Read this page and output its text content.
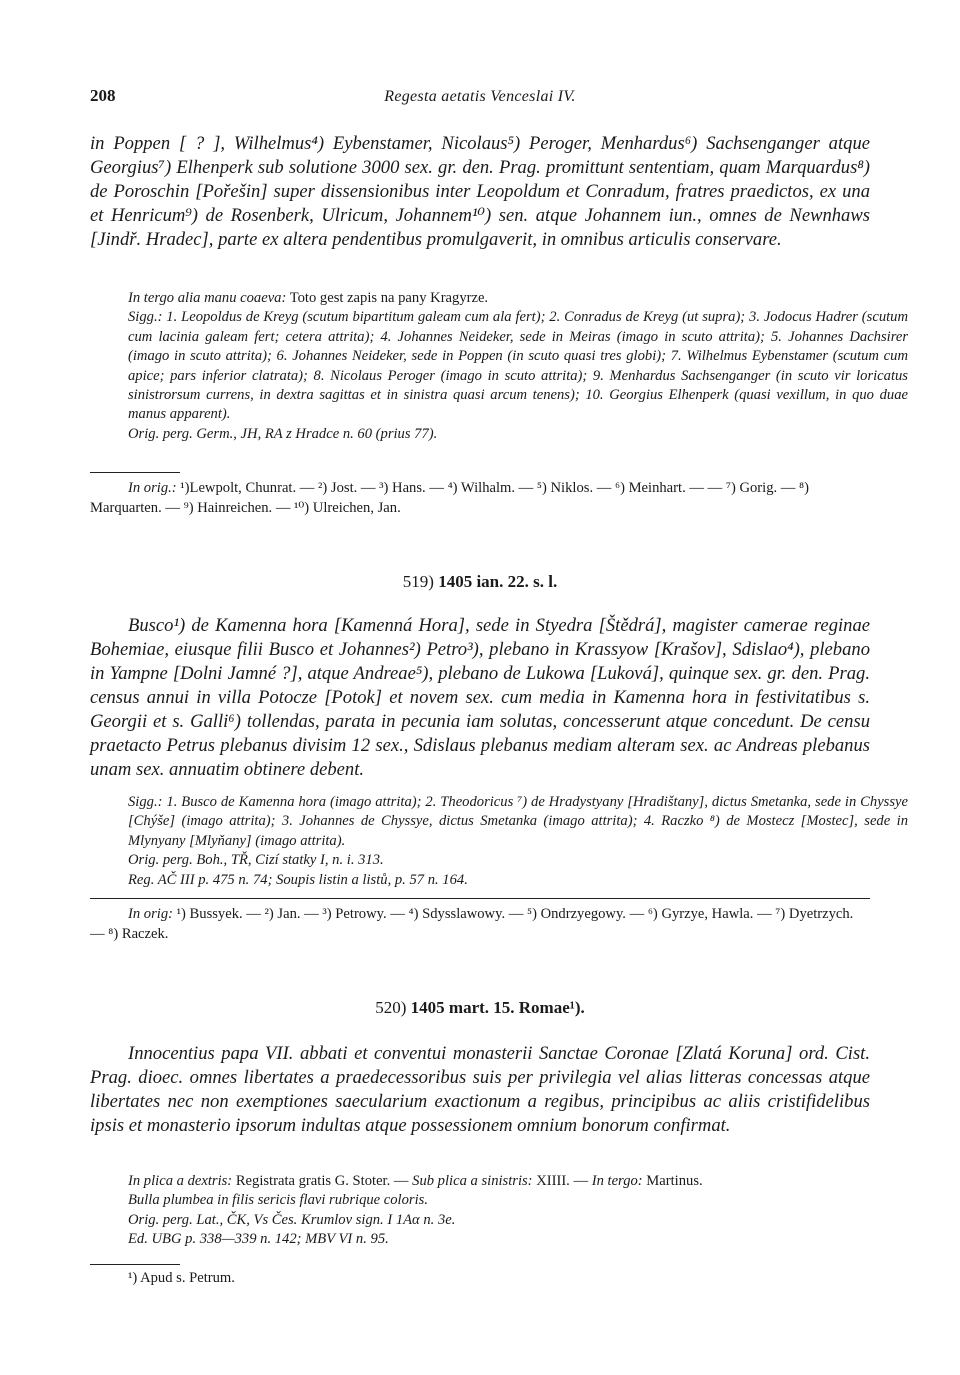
208	Regesta aetatis Venceslai IV.
in Poppen [ ? ], Wilhelmus⁴) Eybenstamer, Nicolaus⁵) Peroger, Menhardus⁶) Sachsenganger atque Georgius⁷) Elhenperk sub solutione 3000 sex. gr. den. Prag. promittunt sententiam, quam Marquardus⁸) de Poroschin [Pořešin] super dissensionibus inter Leopoldum et Conradum, fratres praedictos, ex una et Henricum⁹) de Rosenberk, Ulricum, Johannem¹⁰) sen. atque Johannem iun., omnes de Newnhaws [Jindř. Hradec], parte ex altera pendentibus promulgaverit, in omnibus articulis conservare.
In tergo alia manu coaeva: Toto gest zapis na pany Kragyrze.
Sigg.: 1. Leopoldus de Kreyg (scutum bipartitum galeam cum ala fert); 2. Conradus de Kreyg (ut supra); 3. Jodocus Hadrer (scutum cum lacinia galeam fert; cetera attrita); 4. Johannes Neideker, sede in Meiras (imago in scuto attrita); 5. Johannes Dachsirer (imago in scuto attrita); 6. Johannes Neideker, sede in Poppen (in scuto quasi tres globi); 7. Wilhelmus Eybenstamer (scutum cum apice; pars inferior clatrata); 8. Nicolaus Peroger (imago in scuto attrita); 9. Menhardus Sachsenganger (in scuto vir loricatus sinistrorsum currens, in dextra sagittas et in sinistra quasi arcum tenens); 10. Georgius Elhenperk (quasi vexillum, in quo duae manus apparent).
Orig. perg. Germ., JH, RA z Hradce n. 60 (prius 77).
In orig.: ¹)Lewpolt, Chunrat. — ²) Jost. — ³) Hans. — ⁴) Wilhalm. — ⁵) Niklos. — ⁶) Meinhart. — — ⁷) Gorig. — ⁸) Marquarten. — ⁹) Hainreichen. — ¹⁰) Ulreichen, Jan.
519) 1405 ian. 22. s. l.
Busco¹) de Kamenna hora [Kamenná Hora], sede in Styedra [Štědrá], magister camerae reginae Bohemiae, eiusque filii Busco et Johannes²) Petro³), plebano in Krassyow [Krašov], Sdislao⁴), plebano in Yampne [Dolni Jamné ?], atque Andreae⁵), plebano de Lukowa [Luková], quinque sex. gr. den. Prag. census annui in villa Potocze [Potok] et novem sex. cum media in Kamenna hora in festivitatibus s. Georgii et s. Galli⁶) tollendas, parata in pecunia iam solutas, concesserunt atque concedunt. De censu praetacto Petrus plebanus divisim 12 sex., Sdislaus plebanus mediam alteram sex. ac Andreas plebanus unam sex. annuatim obtinere debent.
Sigg.: 1. Busco de Kamenna hora (imago attrita); 2. Theodoricus ⁷) de Hradystyany [Hradištany], dictus Smetanka, sede in Chyssye [Chýše] (imago attrita); 3. Johannes de Chyssye, dictus Smetanka (imago attrita); 4. Raczko ⁸) de Mostecz [Mostec], sede in Mlynyany [Mlyňany] (imago attrita).
Orig. perg. Boh., TŘ, Cizí statky I, n. i. 313.
Reg. AČ III p. 475 n. 74; Soupis listin a listů, p. 57 n. 164.
In orig: ¹) Bussyek. — ²) Jan. — ³) Petrowy. — ⁴) Sdysslawowy. — ⁵) Ondrzyegowy. — ⁶) Gyrzye, Hawla. — ⁷) Dyetrzych. — ⁸) Raczek.
520) 1405 mart. 15. Romae¹).
Innocentius papa VII. abbati et conventui monasterii Sanctae Coronae [Zlatá Koruna] ord. Cist. Prag. dioec. omnes libertates a praedecessoribus suis per privilegia vel alias litteras concessas atque libertates nec non exemptiones saecularium exactionum a regibus, principibus ac aliis cristifidelibus ipsis et monasterio ipsorum indultas atque possessionem omnium bonorum confirmat.
In plica a dextris: Registrata gratis G. Stoter. — Sub plica a sinistris: XIIII. — In tergo: Martinus.
Bulla plumbea in filis sericis flavi rubrique coloris.
Orig. perg. Lat., ČK, Vs Čes. Krumlov sign. I 1Aα n. 3e.
Ed. UBG p. 338—339 n. 142; MBV VI n. 95.
¹) Apud s. Petrum.
